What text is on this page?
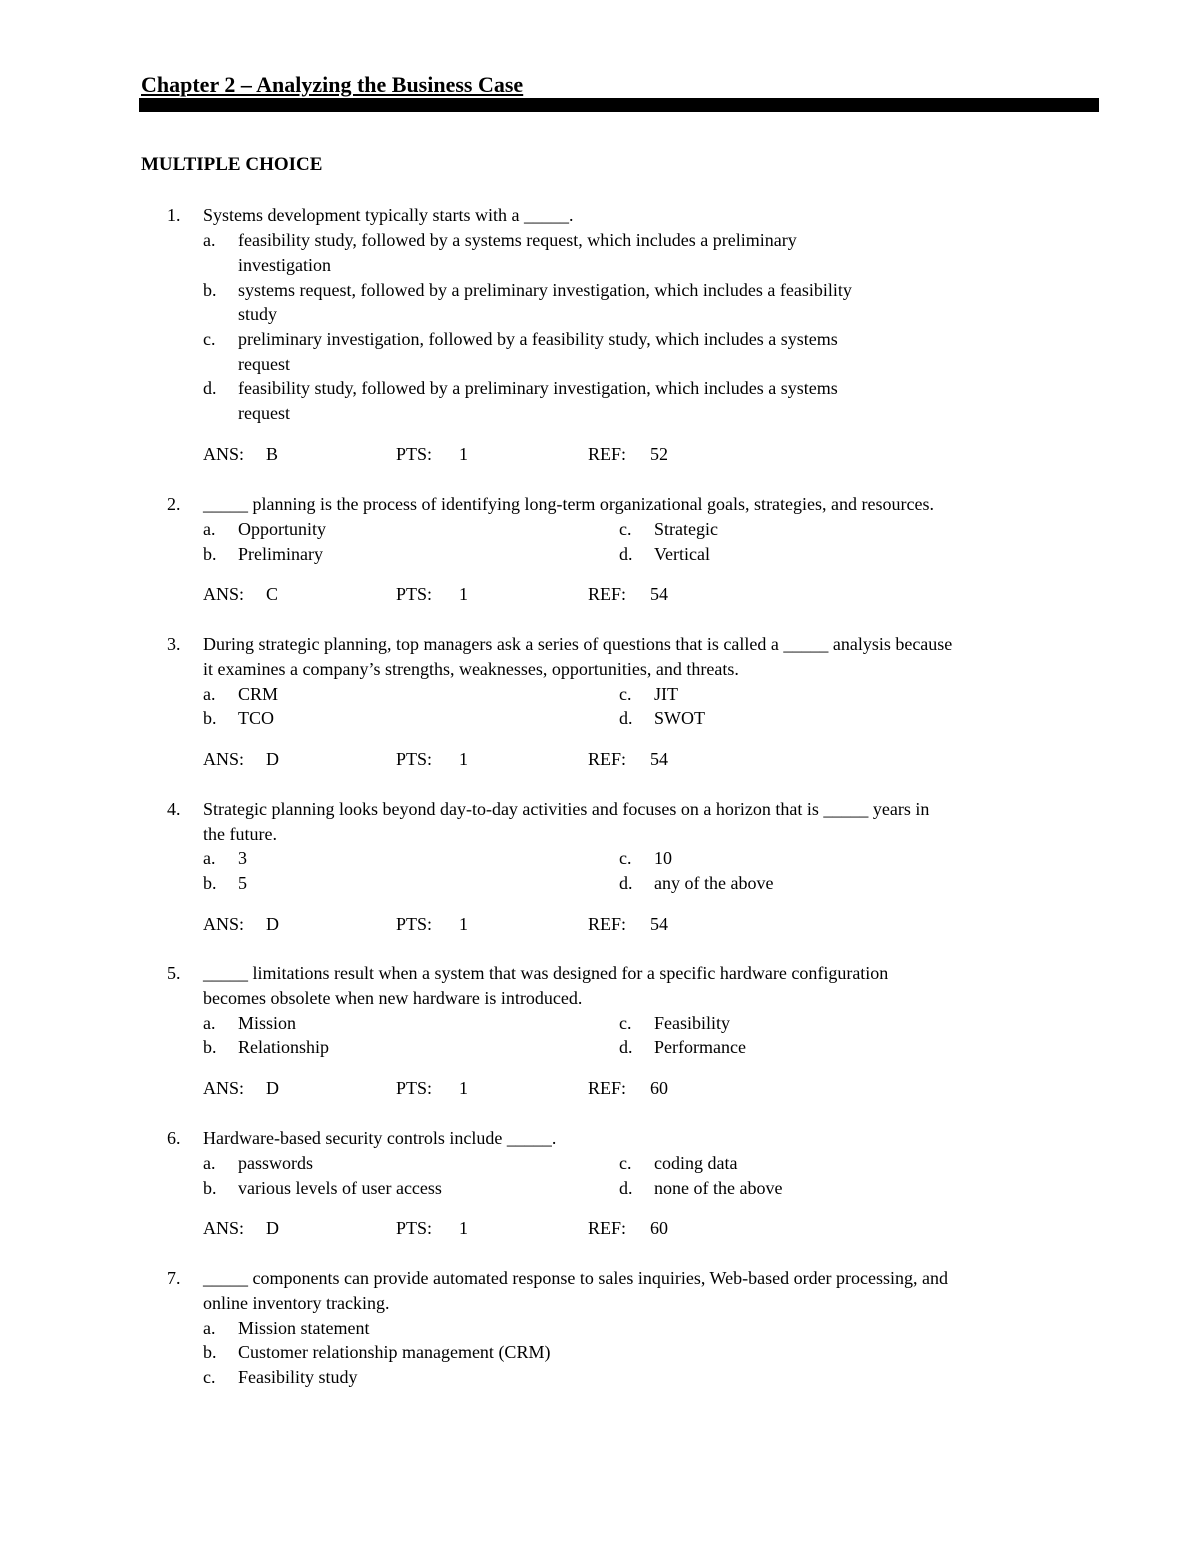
Chapter 2 – Analyzing the Business Case
MULTIPLE CHOICE
1. Systems development typically starts with a _____.
a. feasibility study, followed by a systems request, which includes a preliminary
investigation
b. systems request, followed by a preliminary investigation, which includes a feasibility
study
c. preliminary investigation, followed by a feasibility study, which includes a systems
request
d. feasibility study, followed by a preliminary investigation, which includes a systems
request
ANS: B	PTS: 1	REF: 52
2. _____ planning is the process of identifying long-term organizational goals, strategies, and resources.
a. Opportunity	c. Strategic
b. Preliminary	d. Vertical
ANS: C	PTS: 1	REF: 54
3. During strategic planning, top managers ask a series of questions that is called a _____ analysis because
it examines a company’s strengths, weaknesses, opportunities, and threats.
a. CRM	c. JIT
b. TCO	d. SWOT
ANS: D	PTS: 1	REF: 54
4. Strategic planning looks beyond day-to-day activities and focuses on a horizon that is _____ years in
the future.
a. 3	c. 10
b. 5	d. any of the above
ANS: D	PTS: 1	REF: 54
5. _____ limitations result when a system that was designed for a specific hardware configuration
becomes obsolete when new hardware is introduced.
a. Mission	c. Feasibility
b. Relationship	d. Performance
ANS: D	PTS: 1	REF: 60
6. Hardware-based security controls include _____.
a. passwords	c. coding data
b. various levels of user access	d. none of the above
ANS: D	PTS: 1	REF: 60
7. _____ components can provide automated response to sales inquiries, Web-based order processing, and
online inventory tracking.
a. Mission statement
b. Customer relationship management (CRM)
c. Feasibility study
